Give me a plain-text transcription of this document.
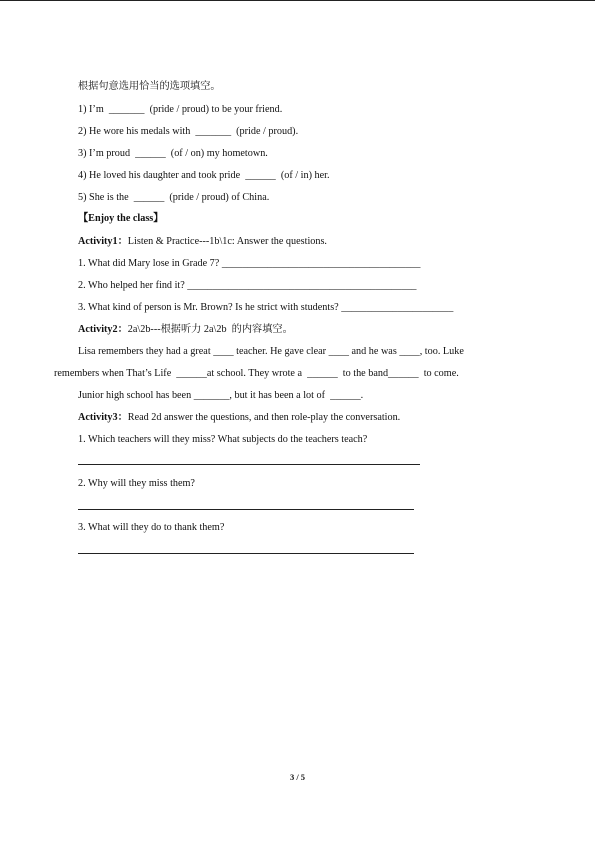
根据句意选用恰当的选项填空。
1) I’m  _______  (pride / proud) to be your friend.
2) He wore his medals with  _______  (pride / proud).
3) I’m proud  ______  (of / on) my hometown.
4) He loved his daughter and took pride  ______  (of / in) her.
5) She is the  ______  (pride / proud) of China.
【Enjoy the class】
Activity1：Listen & Practice---1b\1c: Answer the questions.
1. What did Mary lose in Grade 7? _______________________________________
2. Who helped her find it? _____________________________________________
3. What kind of person is Mr. Brown? Is he strict with students? ______________________
Activity2：2a\2b---根据听力 2a\2b  的内容填空。
Lisa remembers they had a great ____ teacher. He gave clear ____ and he was ____, too. Luke
remembers when That’s Life  ______at school. They wrote a  ______  to the band______  to come.
Junior high school has been _______, but it has been a lot of  ______.
Activity3：Read 2d answer the questions, and then role-play the conversation.
1. Which teachers will they miss? What subjects do the teachers teach?
2. Why will they miss them?
3. What will they do to thank them?
3 / 5
